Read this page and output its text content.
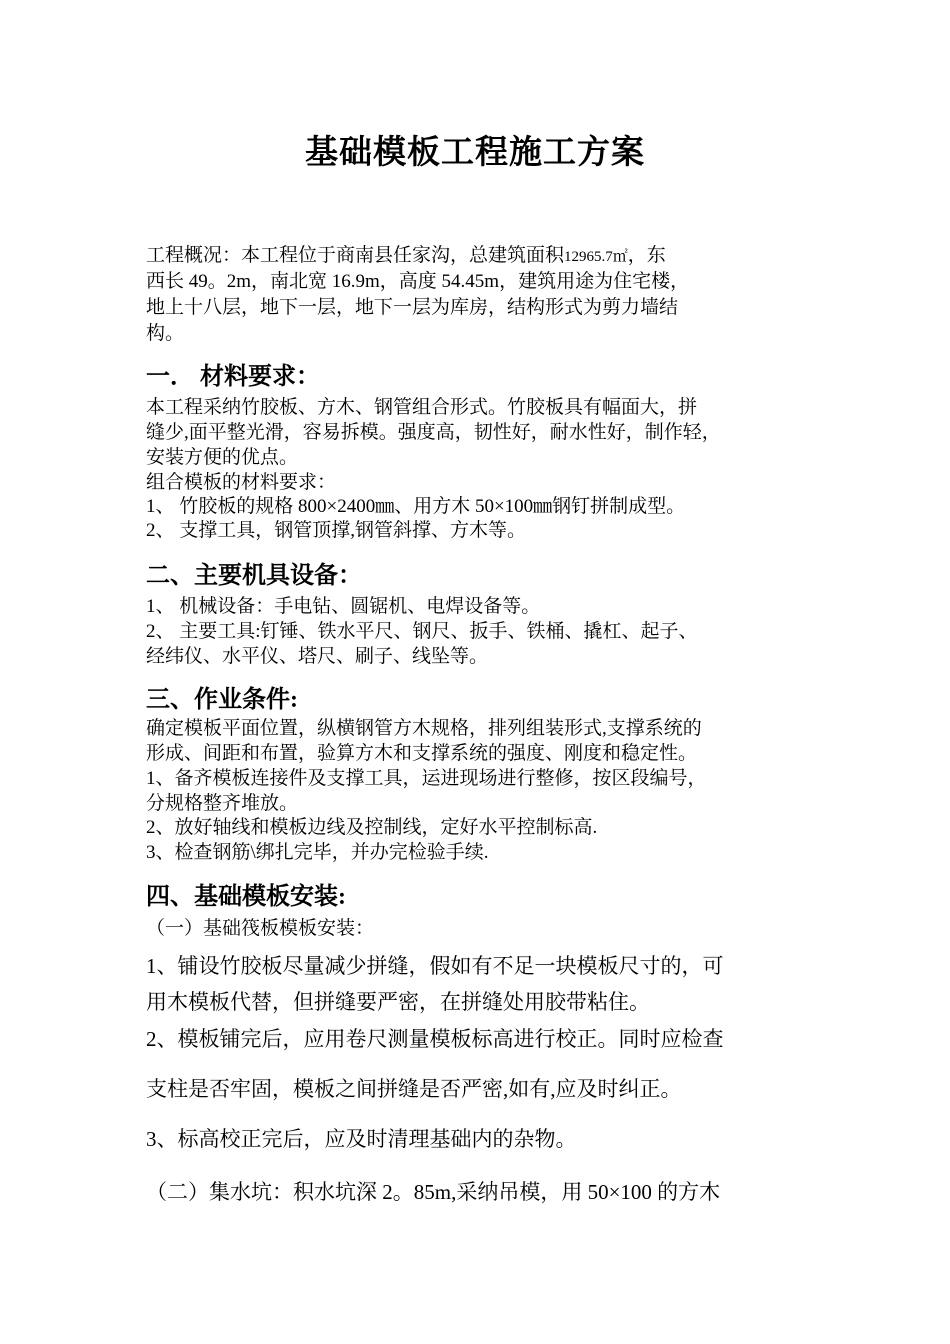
基础模板工程施工方案

工程概况：本工程位于商南县任家沟，总建筑面积12965.7㎡，东

西长 49。2m，南北宽 16.9m，高度 54.45m，建筑用途为住宅楼，

地上十八层，地下一层，地下一层为库房，结构形式为剪力墙结

构。

一． 材料要求：

本工程采纳竹胶板、方木、钢管组合形式。竹胶板具有幅面大，拼

缝少,面平整光滑，容易拆模。强度高，韧性好，耐水性好，制作轻，

安装方便的优点。

组合模板的材料要求：

1、 竹胶板的规格 800×2400㎜、用方木 50×100㎜钢钉拼制成型。

2、 支撑工具，钢管顶撑,钢管斜撑、方木等。

二、主要机具设备：

1、 机械设备：手电钻、圆锯机、电焊设备等。

2、 主要工具:钉锤、铁水平尺、钢尺、扳手、铁桶、撬杠、起子、

经纬仪、水平仪、塔尺、刷子、线坠等。

三、作业条件:

确定模板平面位置，纵横钢管方木规格，排列组装形式,支撑系统的

形成、间距和布置，验算方木和支撑系统的强度、刚度和稳定性。

1、备齐模板连接件及支撑工具，运进现场进行整修，按区段编号，

分规格整齐堆放。

2、放好轴线和模板边线及控制线，定好水平控制标高.

3、检查钢筋\绑扎完毕，并办完检验手续.

四、基础模板安装:

（一）基础筏板模板安装：

1、铺设竹胶板尽量减少拼缝，假如有不足一块模板尺寸的，可

用木模板代替，但拼缝要严密，在拼缝处用胶带粘住。

2、模板铺完后，应用卷尺测量模板标高进行校正。同时应检查

支柱是否牢固，模板之间拼缝是否严密,如有,应及时纠正。

3、标高校正完后，应及时清理基础内的杂物。

（二）集水坑：积水坑深 2。85m,采纳吊模，用 50×100 的方木
